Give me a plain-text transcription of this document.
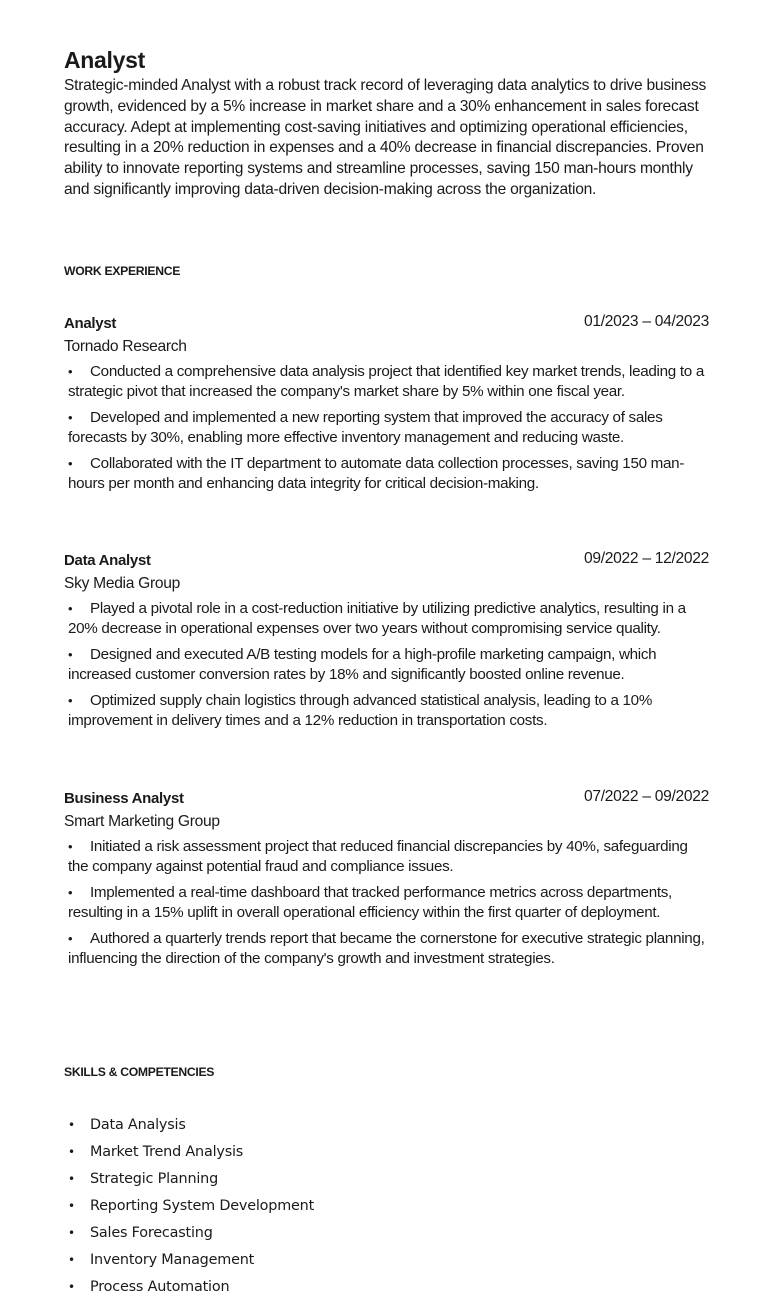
Analyst

Strategic-minded Analyst with a robust track record of leveraging data analytics to drive business growth, evidenced by a 5% increase in market share and a 30% enhancement in sales forecast accuracy. Adept at implementing cost-saving initiatives and optimizing operational efficiencies, resulting in a 20% reduction in expenses and a 40% decrease in financial discrepancies. Proven ability to innovate reporting systems and streamline processes, saving 150 man-hours monthly and significantly improving data-driven decision-making across the organization.

WORK EXPERIENCE
Analyst	01/2023 – 04/2023
Tornado Research
• Conducted a comprehensive data analysis project that identified key market trends, leading to a strategic pivot that increased the company's market share by 5% within one fiscal year.
• Developed and implemented a new reporting system that improved the accuracy of sales forecasts by 30%, enabling more effective inventory management and reducing waste.
• Collaborated with the IT department to automate data collection processes, saving 150 man-hours per month and enhancing data integrity for critical decision-making.
Data Analyst	09/2022 – 12/2022
Sky Media Group
• Played a pivotal role in a cost-reduction initiative by utilizing predictive analytics, resulting in a 20% decrease in operational expenses over two years without compromising service quality.
• Designed and executed A/B testing models for a high-profile marketing campaign, which increased customer conversion rates by 18% and significantly boosted online revenue.
• Optimized supply chain logistics through advanced statistical analysis, leading to a 10% improvement in delivery times and a 12% reduction in transportation costs.
Business Analyst	07/2022 – 09/2022
Smart Marketing Group
• Initiated a risk assessment project that reduced financial discrepancies by 40%, safeguarding the company against potential fraud and compliance issues.
• Implemented a real-time dashboard that tracked performance metrics across departments, resulting in a 15% uplift in overall operational efficiency within the first quarter of deployment.
• Authored a quarterly trends report that became the cornerstone for executive strategic planning, influencing the direction of the company's growth and investment strategies.
SKILLS & COMPETENCIES
• Data Analysis
• Market Trend Analysis
• Strategic Planning
• Reporting System Development
• Sales Forecasting
• Inventory Management
• Process Automation
